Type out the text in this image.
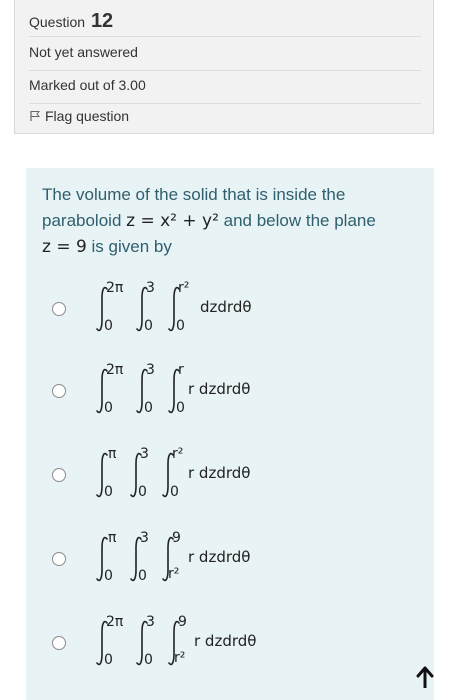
Question 12
Not yet answered
Marked out of 3.00
Flag question
The volume of the solid that is inside the
paraboloid z = x² + y² and below the plane
z = 9 is given by
2π
0
3
0
r²
0
dzdrdθ
2π
0
3
0
r
0
r dzdrdθ
π
0
3
0
r²
0
r dzdrdθ
π
0
3
0
9
r²
r dzdrdθ
2π
0
3
0
9
r²
r dzdrdθ
